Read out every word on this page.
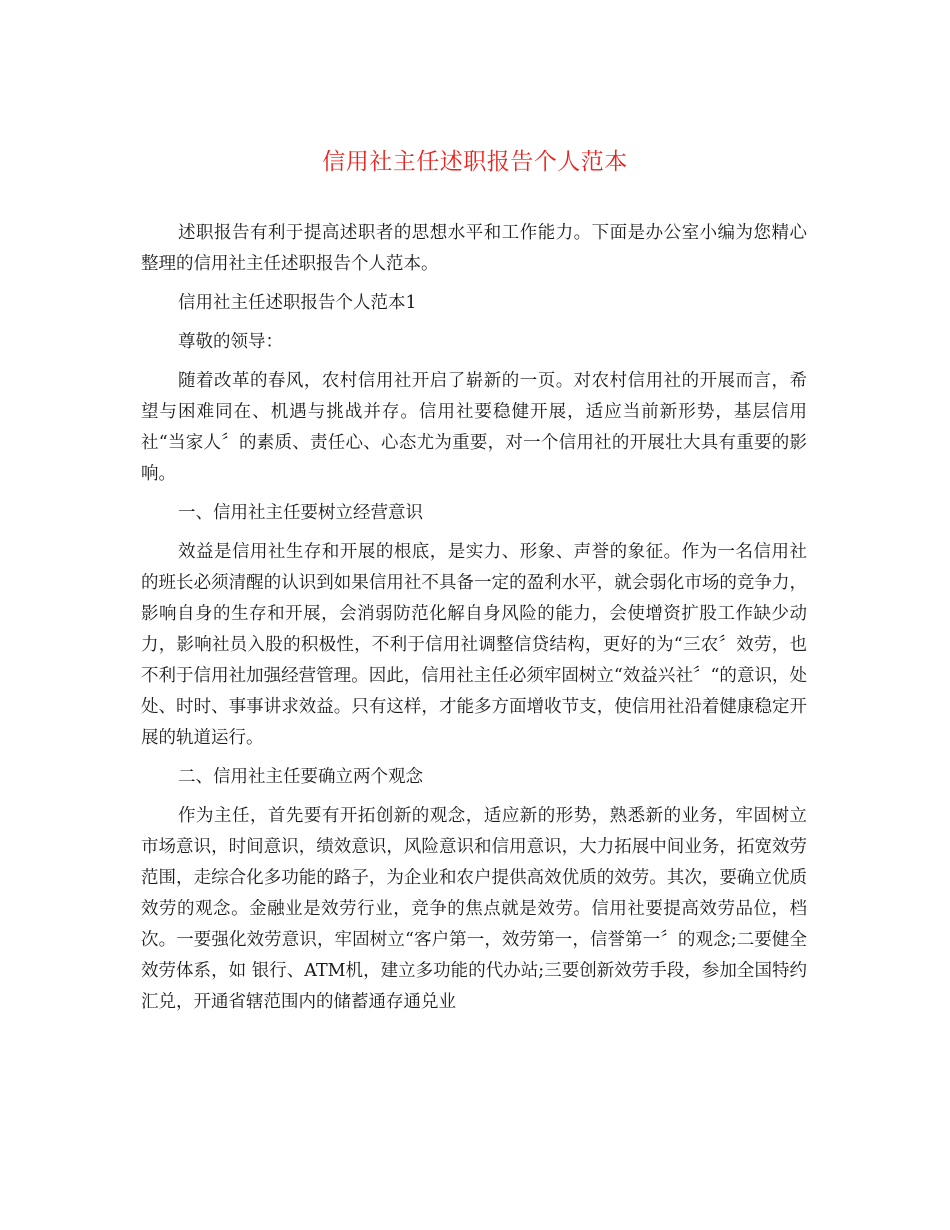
信用社主任述职报告个人范本

述职报告有利于提高述职者的思想水平和工作能力。下面是办公室小编为您精心整理的信用社主任述职报告个人范本。

信用社主任述职报告个人范本1

尊敬的领导：

随着改革的春风，农村信用社开启了崭新的一页。对农村信用社的开展而言，希望与困难同在、机遇与挑战并存。信用社要稳健开展，适应当前新形势，基层信用社“当家人〞的素质、责任心、心态尤为重要，对一个信用社的开展壮大具有重要的影响。

一、信用社主任要树立经营意识

效益是信用社生存和开展的根底，是实力、形象、声誉的象征。作为一名信用社的班长必须清醒的认识到如果信用社不具备一定的盈利水平，就会弱化市场的竞争力，影响自身的生存和开展，会消弱防范化解自身风险的能力，会使增资扩股工作缺少动力，影响社员入股的积极性，不利于信用社调整信贷结构，更好的为“三农〞效劳，也不利于信用社加强经营管理。因此，信用社主任必须牢固树立“效益兴社〞“的意识，处处、时时、事事讲求效益。只有这样，才能多方面增收节支，使信用社沿着健康稳定开展的轨道运行。

二、信用社主任要确立两个观念

作为主任，首先要有开拓创新的观念，适应新的形势，熟悉新的业务，牢固树立市场意识，时间意识，绩效意识，风险意识和信用意识，大力拓展中间业务，拓宽效劳范围，走综合化多功能的路子，为企业和农户提供高效优质的效劳。其次，要确立优质效劳的观念。金融业是效劳行业，竞争的焦点就是效劳。信用社要提高效劳品位，档次。一要强化效劳意识，牢固树立“客户第一，效劳第一，信誉第一〞的观念;二要健全效劳体系，如 银行、ATM机，建立多功能的代办站;三要创新效劳手段，参加全国特约汇兑，开通省辖范围内的储蓄通存通兑业
